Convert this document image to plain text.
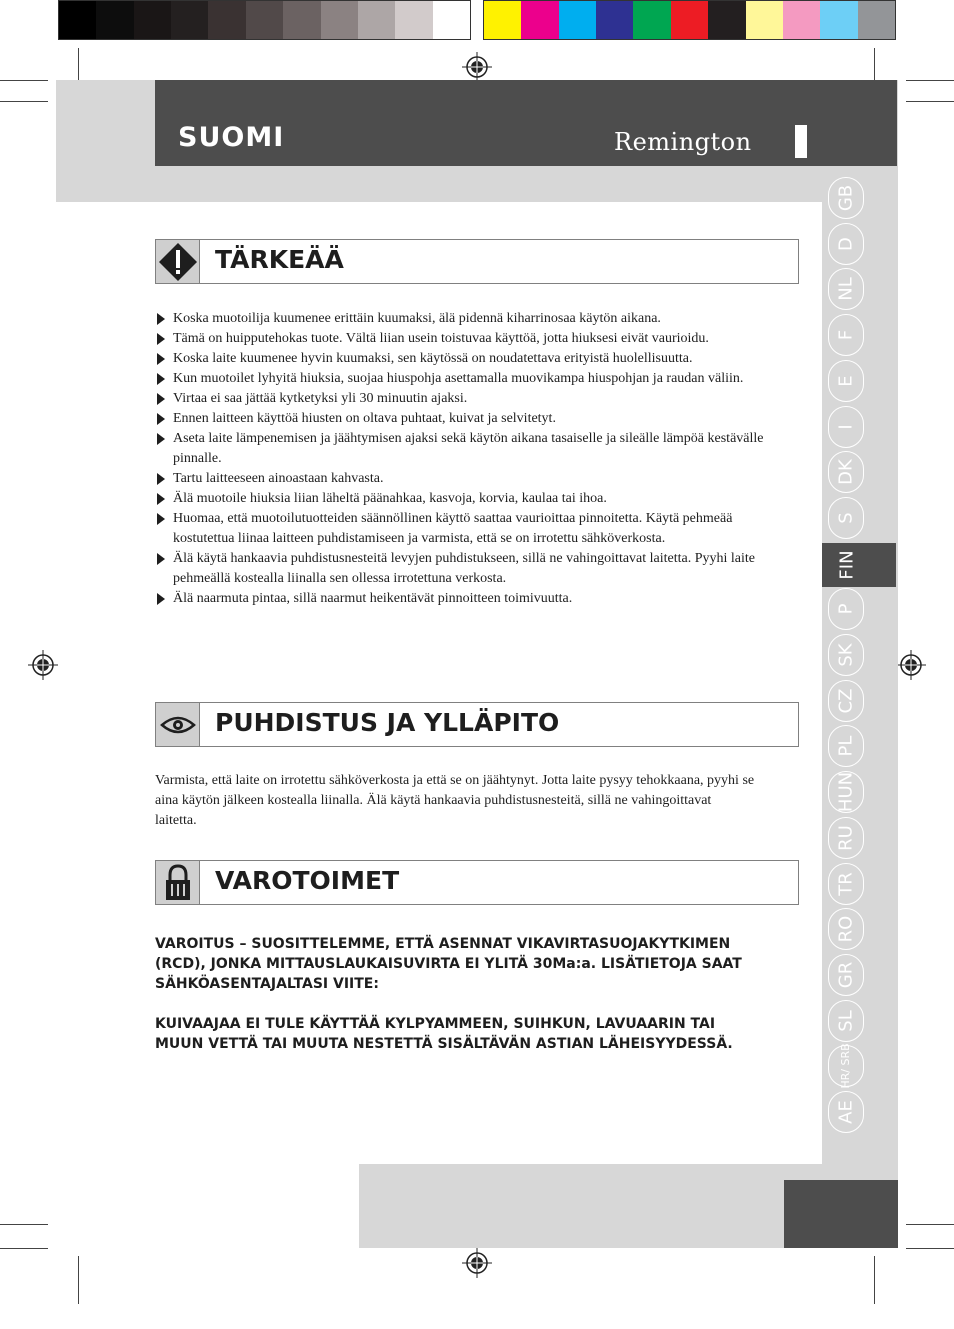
SUOMI	Remington
GB
D
NL
F
E
I
DK
S
FIN
P
SK
CZ
PL
HUN
RU
TR
RO
GR
SL
HR/ SRB
AE
TÄRKEÄÄ
Koska muotoilija kuumenee erittäin kuumaksi, älä pidennä kiharrinosaa käytön aikana.
Tämä on huipputehokas tuote. Vältä liian usein toistuvaa käyttöä, jotta hiuksesi eivät vaurioidu.
Koska laite kuumenee hyvin kuumaksi, sen käytössä on noudatettava erityistä huolellisuutta.
Kun muotoilet lyhyitä hiuksia, suojaa hiuspohja asettamalla muovikampa hiuspohjan ja raudan väliin.
Virtaa ei saa jättää kytketyksi yli 30 minuutin ajaksi.
Ennen laitteen käyttöä hiusten on oltava puhtaat, kuivat ja selvitetyt.
Aseta laite lämpenemisen ja jäähtymisen ajaksi sekä käytön aikana tasaiselle ja sileälle lämpöä kestävälle pinnalle.
Tartu laitteeseen ainoastaan kahvasta.
Älä muotoile hiuksia liian läheltä päänahkaa, kasvoja, korvia, kaulaa tai ihoa.
Huomaa, että muotoilutuotteiden säännöllinen käyttö saattaa vaurioittaa pinnoitetta. Käytä pehmeää kostutettua liinaa laitteen puhdistamiseen ja varmista, että se on irrotettu sähköverkosta.
Älä käytä hankaavia puhdistusnesteitä levyjen puhdistukseen, sillä ne vahingoittavat laitetta. Pyyhi laite pehmeällä kostealla liinalla sen ollessa irrotettuna verkosta.
Älä naarmuta pintaa, sillä naarmut heikentävät pinnoitteen toimivuutta.
PUHDISTUS JA YLLÄPITO
Varmista, että laite on irrotettu sähköverkosta ja että se on jäähtynyt. Jotta laite pysyy tehokkaana, pyyhi se aina käytön jälkeen kostealla liinalla. Älä käytä hankaavia puhdistusnesteitä, sillä ne vahingoittavat laitetta.
VAROTOIMET
VAROITUS – SUOSITTELEMME, ETTÄ ASENNAT VIKAVIRTASUOJAKYTKIMEN (RCD), JONKA MITTAUSLAUKAISUVIRTA EI YLITÄ 30Ma:a. LISÄTIETOJA SAAT SÄHKÖASENTAJALTASI VIITE:
KUIVAAJAA EI TULE KÄYTTÄÄ KYLPYAMMEEN, SUIHKUN, LAVUAARIN TAI MUUN VETTÄ TAI MUUTA NESTETTÄ SISÄLTÄVÄN ASTIAN LÄHEISYYDESSÄ.
